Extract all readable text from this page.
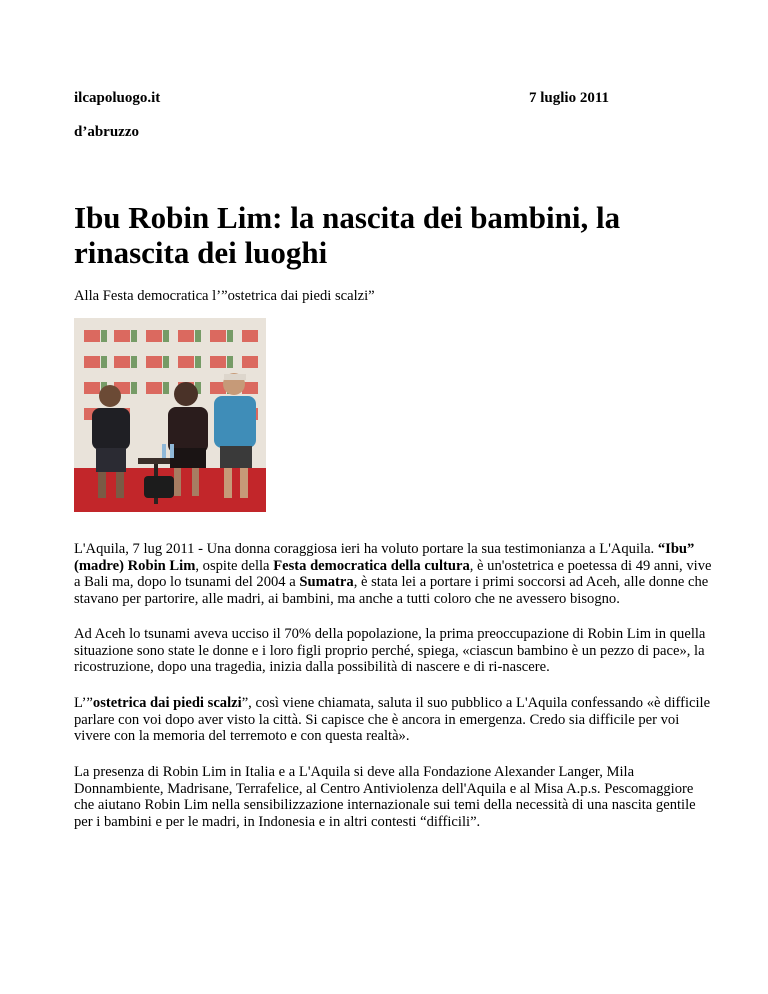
ilcapoluogo.it	7 luglio 2011
d’abruzzo
Ibu Robin Lim: la nascita dei bambini, la rinascita dei luoghi
Alla Festa democratica l’”ostetrica dai piedi scalzi”

L'Aquila, 7 lug 2011 - Una donna coraggiosa ieri ha voluto portare la sua testimonianza a L'Aquila. “Ibu” (madre) Robin Lim, ospite della Festa democratica della cultura, è un'ostetrica e poetessa di 49 anni, vive a Bali ma, dopo lo tsunami del 2004 a Sumatra, è stata lei a portare i primi soccorsi ad Aceh, alle donne che stavano per partorire, alle madri, ai bambini, ma anche a tutti coloro che ne avessero bisogno.

Ad Aceh lo tsunami aveva ucciso il 70% della popolazione, la prima preoccupazione di Robin Lim in quella situazione sono state le donne e i loro figli proprio perché, spiega, «ciascun bambino è un pezzo di pace», la ricostruzione, dopo una tragedia, inizia dalla possibilità di nascere e di ri-nascere.

L’”ostetrica dai piedi scalzi”, così viene chiamata, saluta il suo pubblico a L'Aquila confessando «è difficile parlare con voi dopo aver visto la città. Si capisce che è ancora in emergenza. Credo sia difficile per voi vivere con la memoria del terremoto e con questa realtà».

La presenza di Robin Lim in Italia e a L'Aquila si deve alla Fondazione Alexander Langer, Mila Donnambiente, Madrisane, Terrafelice, al Centro Antiviolenza dell'Aquila e al Misa A.p.s. Pescomaggiore che aiutano Robin Lim nella sensibilizzazione internazionale sui temi della necessità di una nascita gentile per i bambini e per le madri, in Indonesia e in altri contesti “difficili”.
